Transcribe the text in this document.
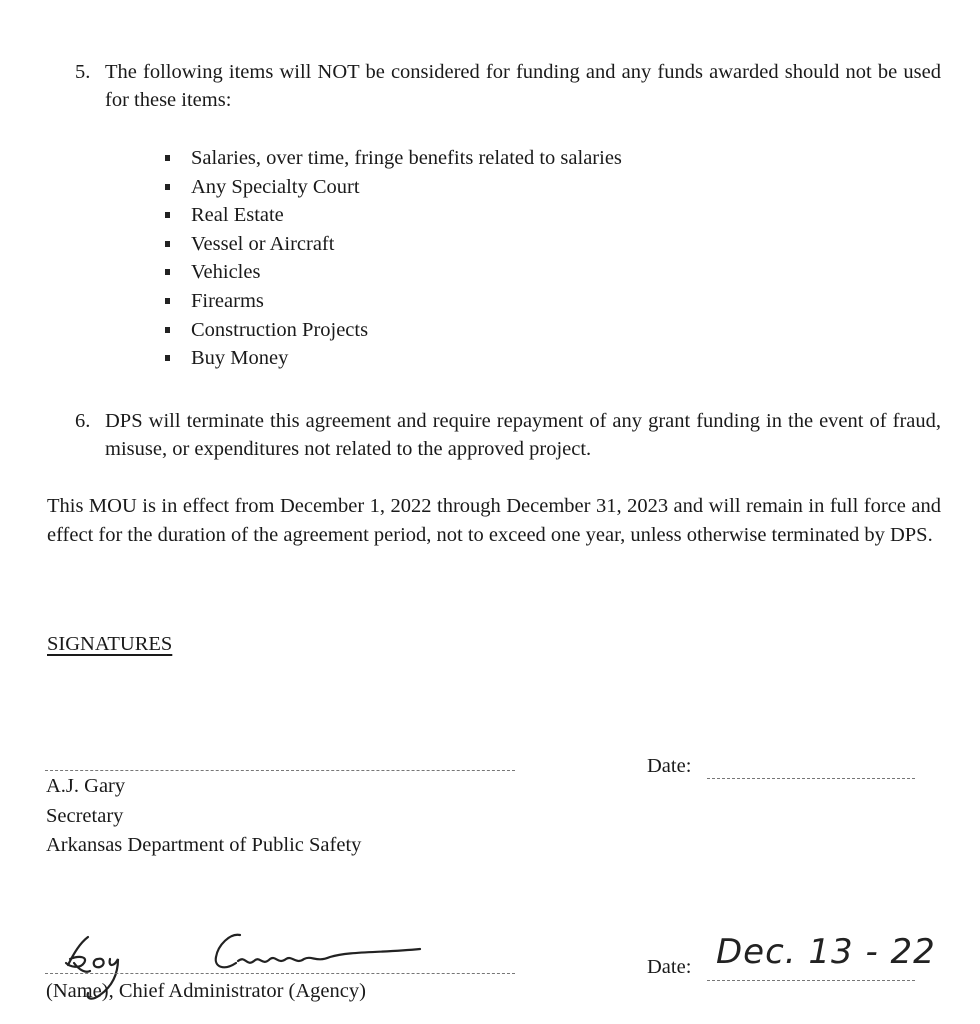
5. The following items will NOT be considered for funding and any funds awarded should not be used for these items:
Salaries, over time, fringe benefits related to salaries
Any Specialty Court
Real Estate
Vessel or Aircraft
Vehicles
Firearms
Construction Projects
Buy Money
6. DPS will terminate this agreement and require repayment of any grant funding in the event of fraud, misuse, or expenditures not related to the approved project.
This MOU is in effect from December 1, 2022 through December 31, 2023 and will remain in full force and effect for the duration of the agreement period, not to exceed one year, unless otherwise terminated by DPS.
SIGNATURES
Date:
A.J. Gary
Secretary
Arkansas Department of Public Safety
(Name), Chief Administrator (Agency)
Date: Dec. 13 - 22
